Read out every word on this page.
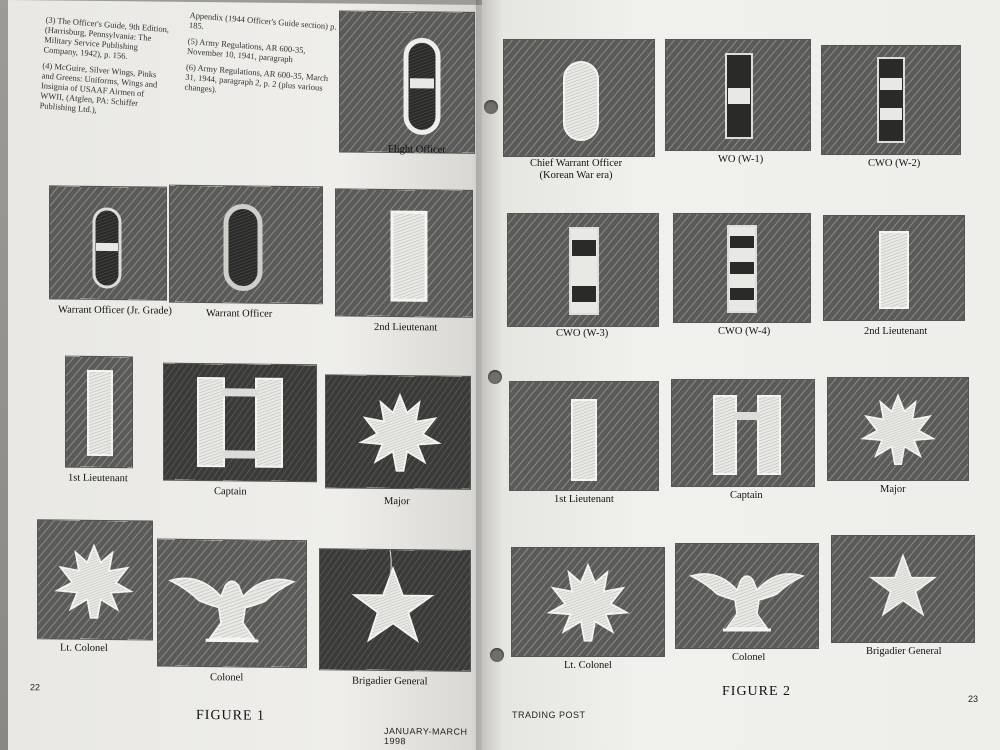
(3) The Officer's Guide, 9th Edition, (Harrisburg, Pennsylvania: The Military Service Publishing Company, 1942), p. 156.

(4) McGuire, Silver Wings, Pinks and Greens: Uniforms, Wings and Insignia of USAAF Airmen of WWII, (Atglen, PA: Schiffer Publishing Ltd.),

Appendix (1944 Officer's Guide section) p. 185.

(5) Army Regulations, AR 600-35, November 10, 1941, paragraph

(6) Army Regulations, AR 600-35, March 31, 1944, paragraph 2, p. 2 (plus various changes).

Flight Officer
Warrant Officer (Jr. Grade)	Warrant Officer
2nd Lieutenant
1st Lieutenant
Captain
Major
Lt. Colonel
Colonel	Brigadier General
FIGURE 1
22
JANUARY-MARCH 1998
Chief Warrant Officer
(Korean War era)
WO (W-1)	CWO (W-2)
CWO (W-3)	CWO (W-4)	2nd Lieutenant
1st Lieutenant	Captain
Major
Lt. Colonel
Colonel
Brigadier General
FIGURE 2	23
TRADING POST
